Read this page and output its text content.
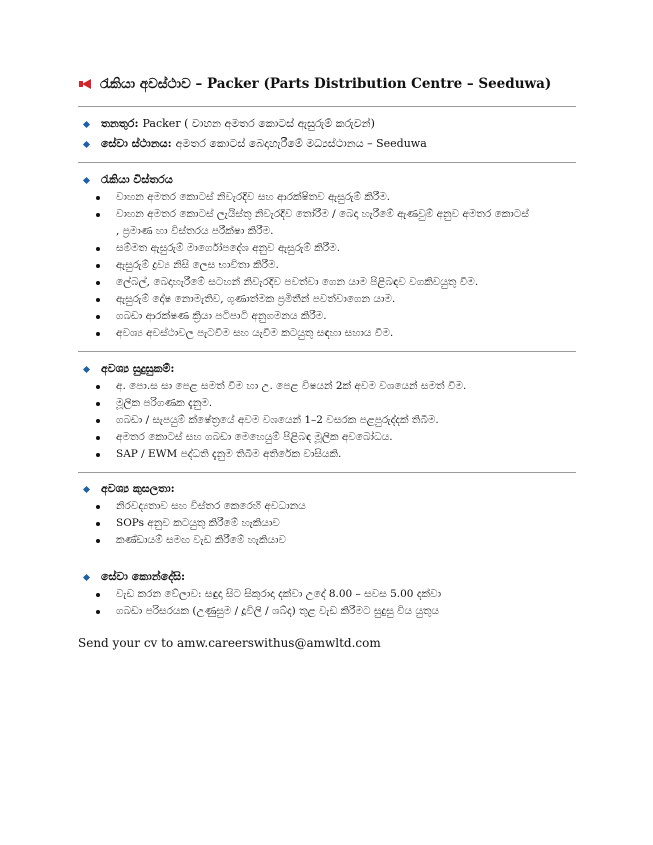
රැකියා අවස්ථාව – Packer (Parts Distribution Centre – Seeduwa)
තනතුර: Packer ( වාහන අමතර කොටස් ඇසුරුම් කරුවන්)
සේවා ස්ථානය: අමතර කොටස් බෙදාහැරීමේ මධ්‍යස්ථානය – Seeduwa
රැකියා විස්තරය
වාහන අමතර කොටස් නිවැරදිව සහ ආරක්ෂිතව ඇසුරුම් කිරීම.
වාහන අමතර කොටස් ලැයිස්තු නිවැරදිව තෝරීම / බෙදා හැරීමේ ඇණවුම් අනුව අමතර කොටස්
, ප්‍රමාණ හා විස්තරය පරීක්ෂා කිරීම.
සම්මත ඇසුරුම් මාර්ගෝපදේශ අනුව ඇසුරුම් කිරීම.
ඇසුරුම් ද්‍රව්‍ය නිසි ලෙස භාවිතා කිරීම.
ලේබල්, බෙදාහැරීමේ සටහන් නිවැරදිව පවත්වා ගෙන යාම පිළිබඳව වගකිවයුතු වීම.
ඇසුරුම් දෝෂ නොමැතිව, ගුණාත්මක ප්‍රමිතීන් පවත්වාගෙන යාම.
ගබඩා ආරක්ෂණ ක්‍රියා පටිපාටි අනුගමනය කිරීම.
අවශ්‍ය අවස්ථාවල පැටවීම සහ යැවීම කටයුතු සඳහා සහාය වීම.
අවශ්‍ය සුදුසුකම්:
අ. පො.ස සා පෙළ සමත් වීම හා උ. පෙළ විෂයන් 2ක් අවම වශයෙන් සමත් වීම.
මූලික පරිගණක දැනුම.
ගබඩා / සැපයුම් ක්ෂේත්‍රයේ අවම වශයෙන් 1–2 වසරක පළපුරුද්දක් තිබීම.
අමතර කොටස් සහ ගබඩා මෙහෙයුම් පිළිබඳ මූලික අවබෝධය.
SAP / EWM පද්ධති දැනුම තිබීම අතිරේක වාසියකි.
අවශ්‍ය කුසලතා:
නිරවද්‍යතාව සහ විස්තර කෙරෙහි අවධානය
SOPs අනුව කටයුතු කිරීමේ හැකියාව
කණ්ඩායම් සමඟ වැඩ කිරීමේ හැකියාව
සේවා කොන්දේසි:
වැඩ කරන වේලාව: සඳුදා සිට සිකුරාදා දක්වා උදේ 8.00 – සවස 5.00 දක්වා
ගබඩා පරිසරයක (උණුසුම / දූවිලි / ශබ්ද) තුළ වැඩ කිරීමට සුදුසු විය යුතුය
Send your cv to amw.careerswithus@amwltd.com
